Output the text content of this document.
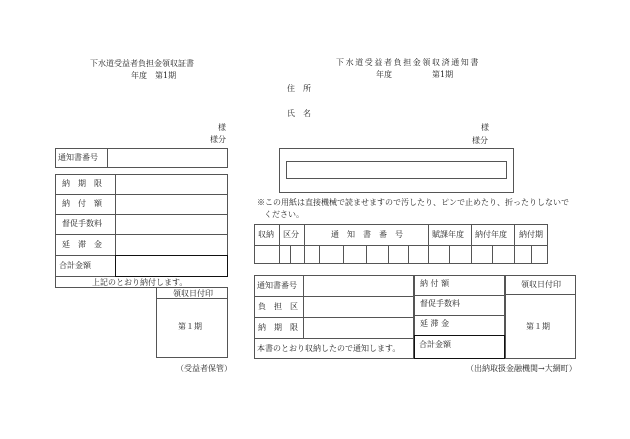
下水道受益者負担金領収証書
年度　第1期
様
様分
通知書番号
納　期　限
納　付　額
督促手数料
延　滞　金
合計金額
上記のとおり納付します。
領収日付印
第１期
（受益者保管）
下水道受益者負担金領収済通知書
年度	第1期
住　所
氏　名
様
様分
※この用紙は直接機械で読ませますので汚したり、ピンで止めたり、折ったりしないで
ください。
収納 区分	通　知　書　番　号	賦課年度 納付年度 納付期
通知書番号
負　担　区
納　期　限
本書のとおり収納したので通知します。
納 付 額
督促手数料
延 滞 金
合計金額
領収日付印
第１期
（出納取扱金融機関→大網町）
